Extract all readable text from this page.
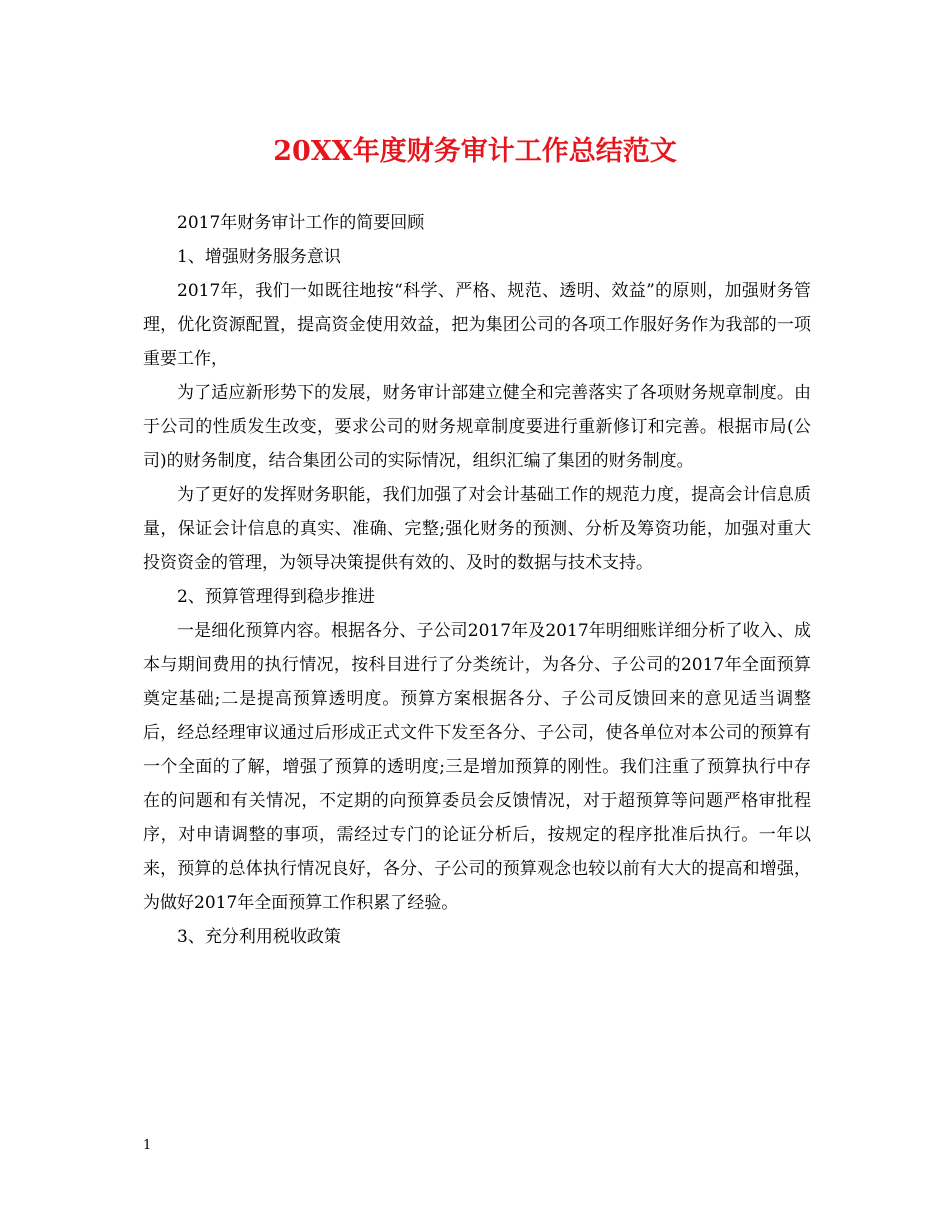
20XX年度财务审计工作总结范文

2017年财务审计工作的简要回顾

1、增强财务服务意识

2017年，我们一如既往地按“科学、严格、规范、透明、效益”的原则，加强财务管理，优化资源配置，提高资金使用效益，把为集团公司的各项工作服好务作为我部的一项重要工作，

为了适应新形势下的发展，财务审计部建立健全和完善落实了各项财务规章制度。由于公司的性质发生改变，要求公司的财务规章制度要进行重新修订和完善。根据市局(公司)的财务制度，结合集团公司的实际情况，组织汇编了集团的财务制度。

为了更好的发挥财务职能，我们加强了对会计基础工作的规范力度，提高会计信息质量，保证会计信息的真实、准确、完整;强化财务的预测、分析及筹资功能，加强对重大投资资金的管理，为领导决策提供有效的、及时的数据与技术支持。

2、预算管理得到稳步推进

一是细化预算内容。根据各分、子公司2017年及2017年明细账详细分析了收入、成本与期间费用的执行情况，按科目进行了分类统计，为各分、子公司的2017年全面预算奠定基础;二是提高预算透明度。预算方案根据各分、子公司反馈回来的意见适当调整后，经总经理审议通过后形成正式文件下发至各分、子公司，使各单位对本公司的预算有一个全面的了解，增强了预算的透明度;三是增加预算的刚性。我们注重了预算执行中存在的问题和有关情况，不定期的向预算委员会反馈情况，对于超预算等问题严格审批程序，对申请调整的事项，需经过专门的论证分析后，按规定的程序批准后执行。一年以来，预算的总体执行情况良好，各分、子公司的预算观念也较以前有大大的提高和增强，为做好2017年全面预算工作积累了经验。

3、充分利用税收政策

1
